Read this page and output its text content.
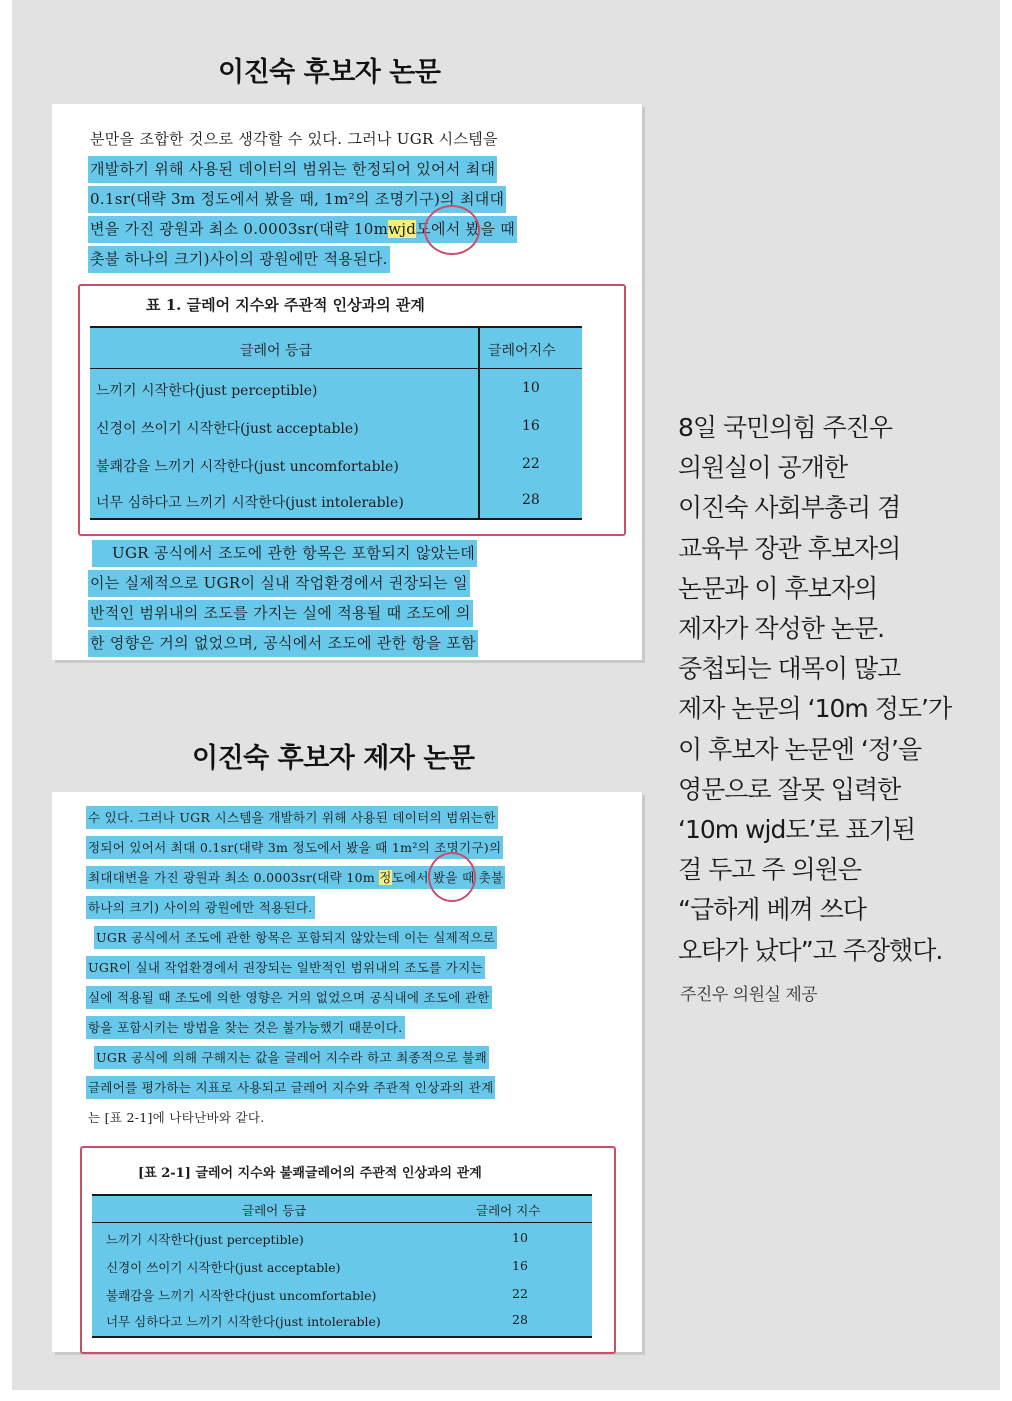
이진숙 후보자 논문
분만을 조합한 것으로 생각할 수 있다. 그러나 UGR 시스템을
개발하기 위해 사용된 데이터의 범위는 한정되어 있어서 최대
0.1sr(대략 3m 정도에서 봤을 때, 1m²의 조명기구)의 최대대
변을 가진 광원과 최소 0.0003sr(대략 10mwjd도에서 봤을 때
촛불 하나의 크기)사이의 광원에만 적용된다.
표 1. 글레어 지수와 주관적 인상과의 관계
글레어 등급	글레어지수
느끼기 시작한다(just perceptible)	10
신경이 쓰이기 시작한다(just acceptable)	16
불쾌감을 느끼기 시작한다(just uncomfortable)	22
너무 심하다고 느끼기 시작한다(just intolerable)	28
UGR 공식에서 조도에 관한 항목은 포함되지 않았는데
이는 실제적으로 UGR이 실내 작업환경에서 권장되는 일
반적인 범위내의 조도를 가지는 실에 적용될 때 조도에 의
한 영향은 거의 없었으며, 공식에서 조도에 관한 항을 포함
이진숙 후보자 제자 논문
수 있다. 그러나 UGR 시스템을 개발하기 위해 사용된 데이터의 범위는한
정되어 있어서 최대 0.1sr(대략 3m 정도에서 봤을 때 1m²의 조명기구)의
최대대변을 가진 광원과 최소 0.0003sr(대략 10m 정도에서 봤을 때 촛불
하나의 크기) 사이의 광원에만 적용된다.
UGR 공식에서 조도에 관한 항목은 포함되지 않았는데 이는 실제적으로
UGR이 실내 작업환경에서 권장되는 일반적인 범위내의 조도를 가지는
실에 적용될 때 조도에 의한 영향은 거의 없었으며 공식내에 조도에 관한
항을 포함시키는 방법을 찾는 것은 불가능했기 때문이다.
UGR 공식에 의해 구해지는 값을 글레어 지수라 하고 최종적으로 불쾌
글레어를 평가하는 지표로 사용되고 글레어 지수와 주관적 인상과의 관계
는 [표 2-1]에 나타난바와 같다.
[표 2-1] 글레어 지수와 불쾌글레어의 주관적 인상과의 관계
글레어 등급	글레어 지수
느끼기 시작한다(just perceptible)	10
신경이 쓰이기 시작한다(just acceptable)	16
불쾌감을 느끼기 시작한다(just uncomfortable)	22
너무 심하다고 느끼기 시작한다(just intolerable)	28
8일 국민의힘 주진우
의원실이 공개한
이진숙 사회부총리 겸
교육부 장관 후보자의
논문과 이 후보자의
제자가 작성한 논문.
중첩되는 대목이 많고
제자 논문의 ‘10m 정도’가
이 후보자 논문엔 ‘정’을
영문으로 잘못 입력한
‘10m wjd도’로 표기된
걸 두고 주 의원은
“급하게 베껴 쓰다
오타가 났다”고 주장했다.
주진우 의원실 제공
